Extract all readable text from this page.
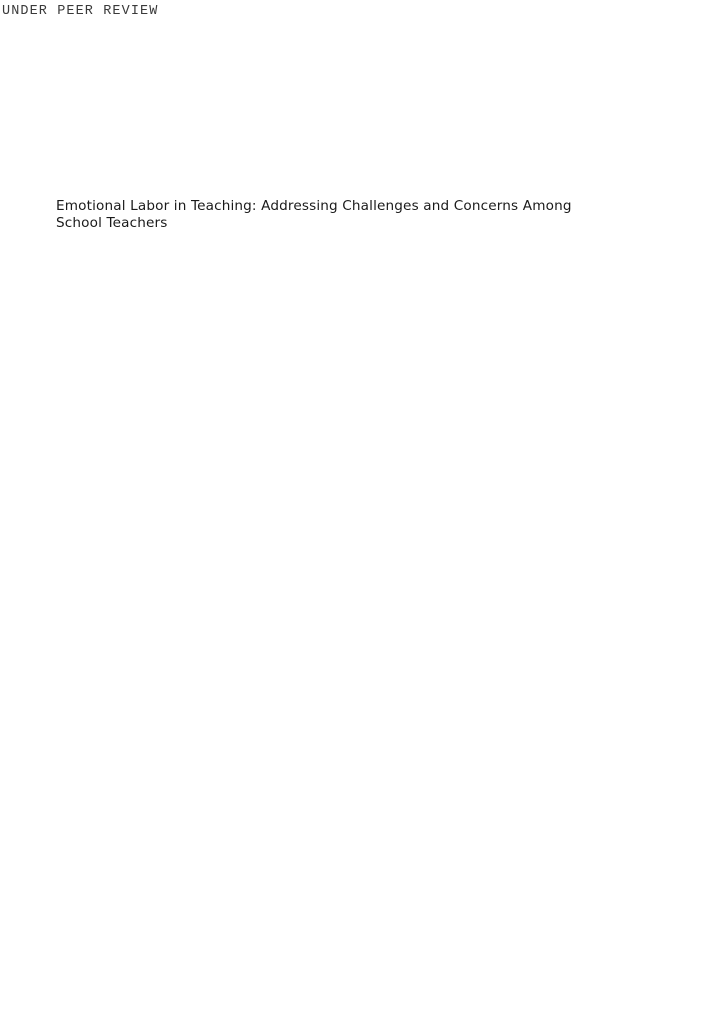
UNDER PEER REVIEW
Emotional Labor in Teaching: Addressing Challenges and Concerns Among School Teachers
